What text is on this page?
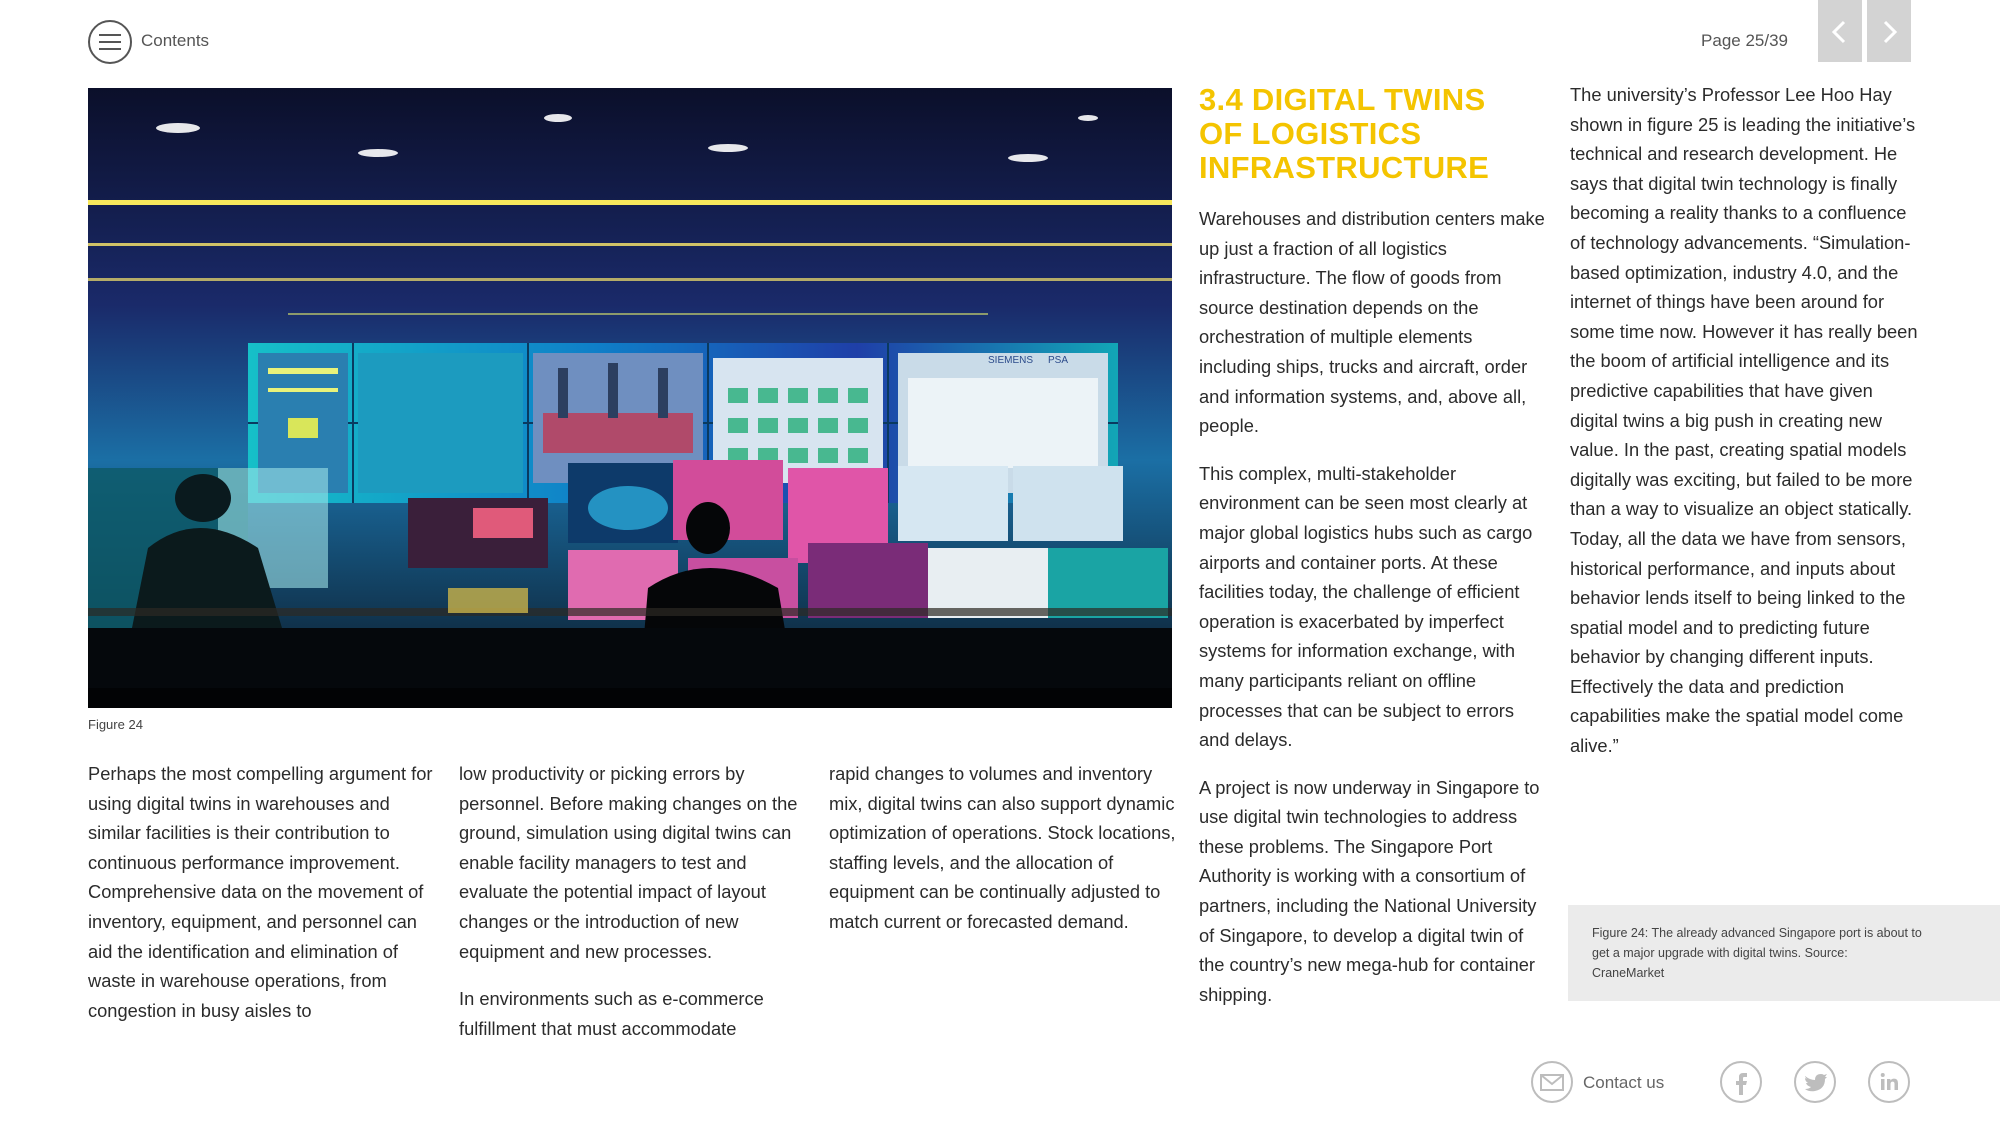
Contents	Page 25/39
SIEMENS PSA
Figure 24

Perhaps the most compelling argument for using digital twins in warehouses and similar facilities is their contribution to continuous performance improvement. Comprehensive data on the movement of inventory, equipment, and personnel can aid the identification and elimination of waste in warehouse operations, from congestion in busy aisles to

low productivity or picking errors by personnel. Before making changes on the ground, simulation using digital twins can enable facility managers to test and evaluate the potential impact of layout changes or the introduction of new equipment and new processes.

In environments such as e-commerce fulfillment that must accommodate

rapid changes to volumes and inventory mix, digital twins can also support dynamic optimization of operations. Stock locations, staffing levels, and the allocation of equipment can be continually adjusted to match current or forecasted demand.

3.4 DIGITAL TWINS OF LOGISTICS INFRASTRUCTURE

Warehouses and distribution centers make up just a fraction of all logistics infrastructure. The flow of goods from source destination depends on the orchestration of multiple elements including ships, trucks and aircraft, order and information systems, and, above all, people.

This complex, multi-stakeholder environment can be seen most clearly at major global logistics hubs such as cargo airports and container ports. At these facilities today, the challenge of efficient operation is exacerbated by imperfect systems for information exchange, with many participants reliant on offline processes that can be subject to errors and delays.

A project is now underway in Singapore to use digital twin technologies to address these problems. The Singapore Port Authority is working with a consortium of partners, including the National University of Singapore, to develop a digital twin of the country’s new mega-hub for container shipping.

The university’s Professor Lee Hoo Hay shown in figure 25 is leading the initiative’s technical and research development. He says that digital twin technology is finally becoming a reality thanks to a confluence of technology advancements. “Simulation-based optimization, industry 4.0, and the internet of things have been around for some time now. However it has really been the boom of artificial intelligence and its predictive capabilities that have given digital twins a big push in creating new value. In the past, creating spatial models digitally was exciting, but failed to be more than a way to visualize an object statically. Today, all the data we have from sensors, historical performance, and inputs about behavior lends itself to being linked to the spatial model and to predicting future behavior by changing different inputs. Effectively the data and prediction capabilities make the spatial model come alive.”

Figure 24: The already advanced Singapore port is about to get a major upgrade with digital twins. Source: CraneMarket
Contact us
